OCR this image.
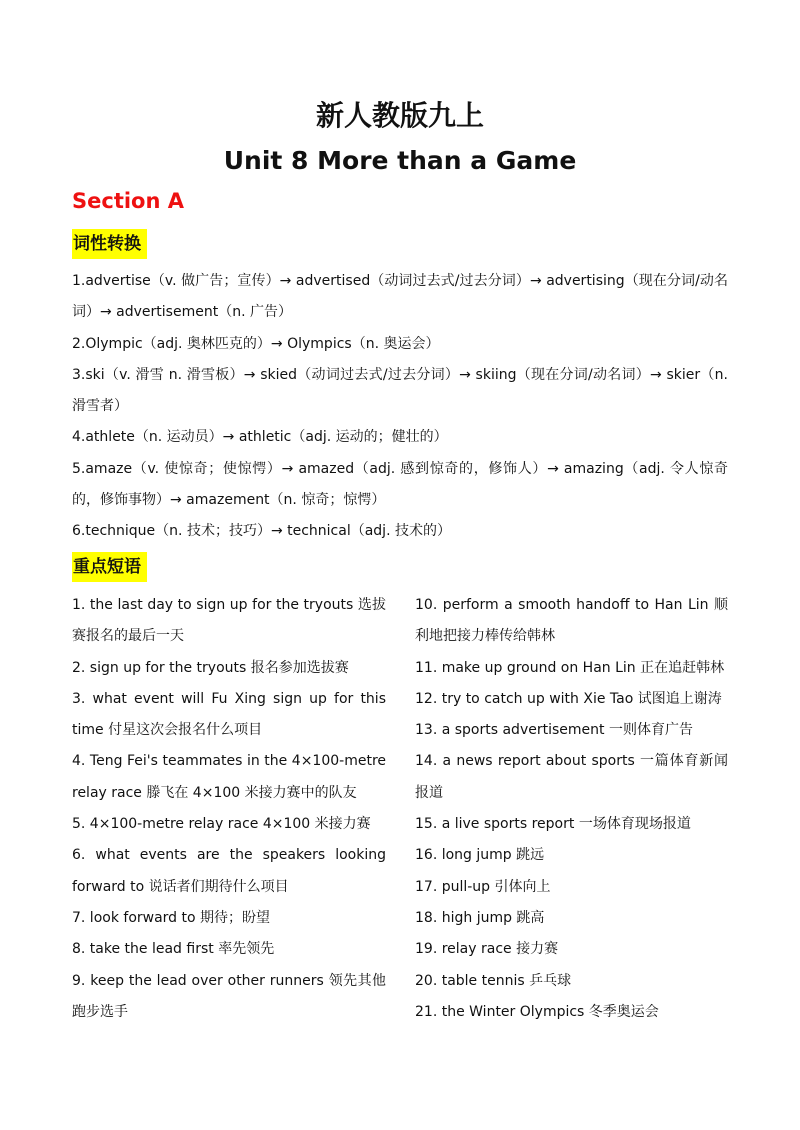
新人教版九上
Unit 8 More than a Game
Section A
词性转换

1.advertise（v. 做广告；宣传）→ advertised（动词过去式/过去分词）→ advertising（现在分词/动名词）→ advertisement（n. 广告）

2.Olympic（adj. 奥林匹克的）→ Olympics（n. 奥运会）

3.ski（v. 滑雪 n. 滑雪板）→ skied（动词过去式/过去分词）→ skiing（现在分词/动名词）→ skier（n. 滑雪者）

4.athlete（n. 运动员）→ athletic（adj. 运动的；健壮的）

5.amaze（v. 使惊奇；使惊愕）→ amazed（adj. 感到惊奇的，修饰人）→ amazing（adj. 令人惊奇的，修饰事物）→ amazement（n. 惊奇；惊愕）

6.technique（n. 技术；技巧）→ technical（adj. 技术的）

重点短语

1. the last day to sign up for the tryouts 选拔赛报名的最后一天

2. sign up for the tryouts 报名参加选拔赛

3. what event will Fu Xing sign up for this time 付星这次会报名什么项目

4. Teng Fei's teammates in the 4×100-metre relay race 滕飞在 4×100 米接力赛中的队友

5. 4×100-metre relay race 4×100 米接力赛

6. what events are the speakers looking forward to 说话者们期待什么项目

7. look forward to 期待；盼望

8. take the lead first 率先领先

9. keep the lead over other runners 领先其他跑步选手

10. perform a smooth handoff to Han Lin 顺利地把接力棒传给韩林

11. make up ground on Han Lin 正在追赶韩林

12. try to catch up with Xie Tao 试图追上谢涛

13. a sports advertisement 一则体育广告

14. a news report about sports 一篇体育新闻报道

15. a live sports report 一场体育现场报道

16. long jump 跳远

17. pull-up 引体向上

18. high jump 跳高

19. relay race 接力赛

20. table tennis 乒乓球

21. the Winter Olympics 冬季奥运会
